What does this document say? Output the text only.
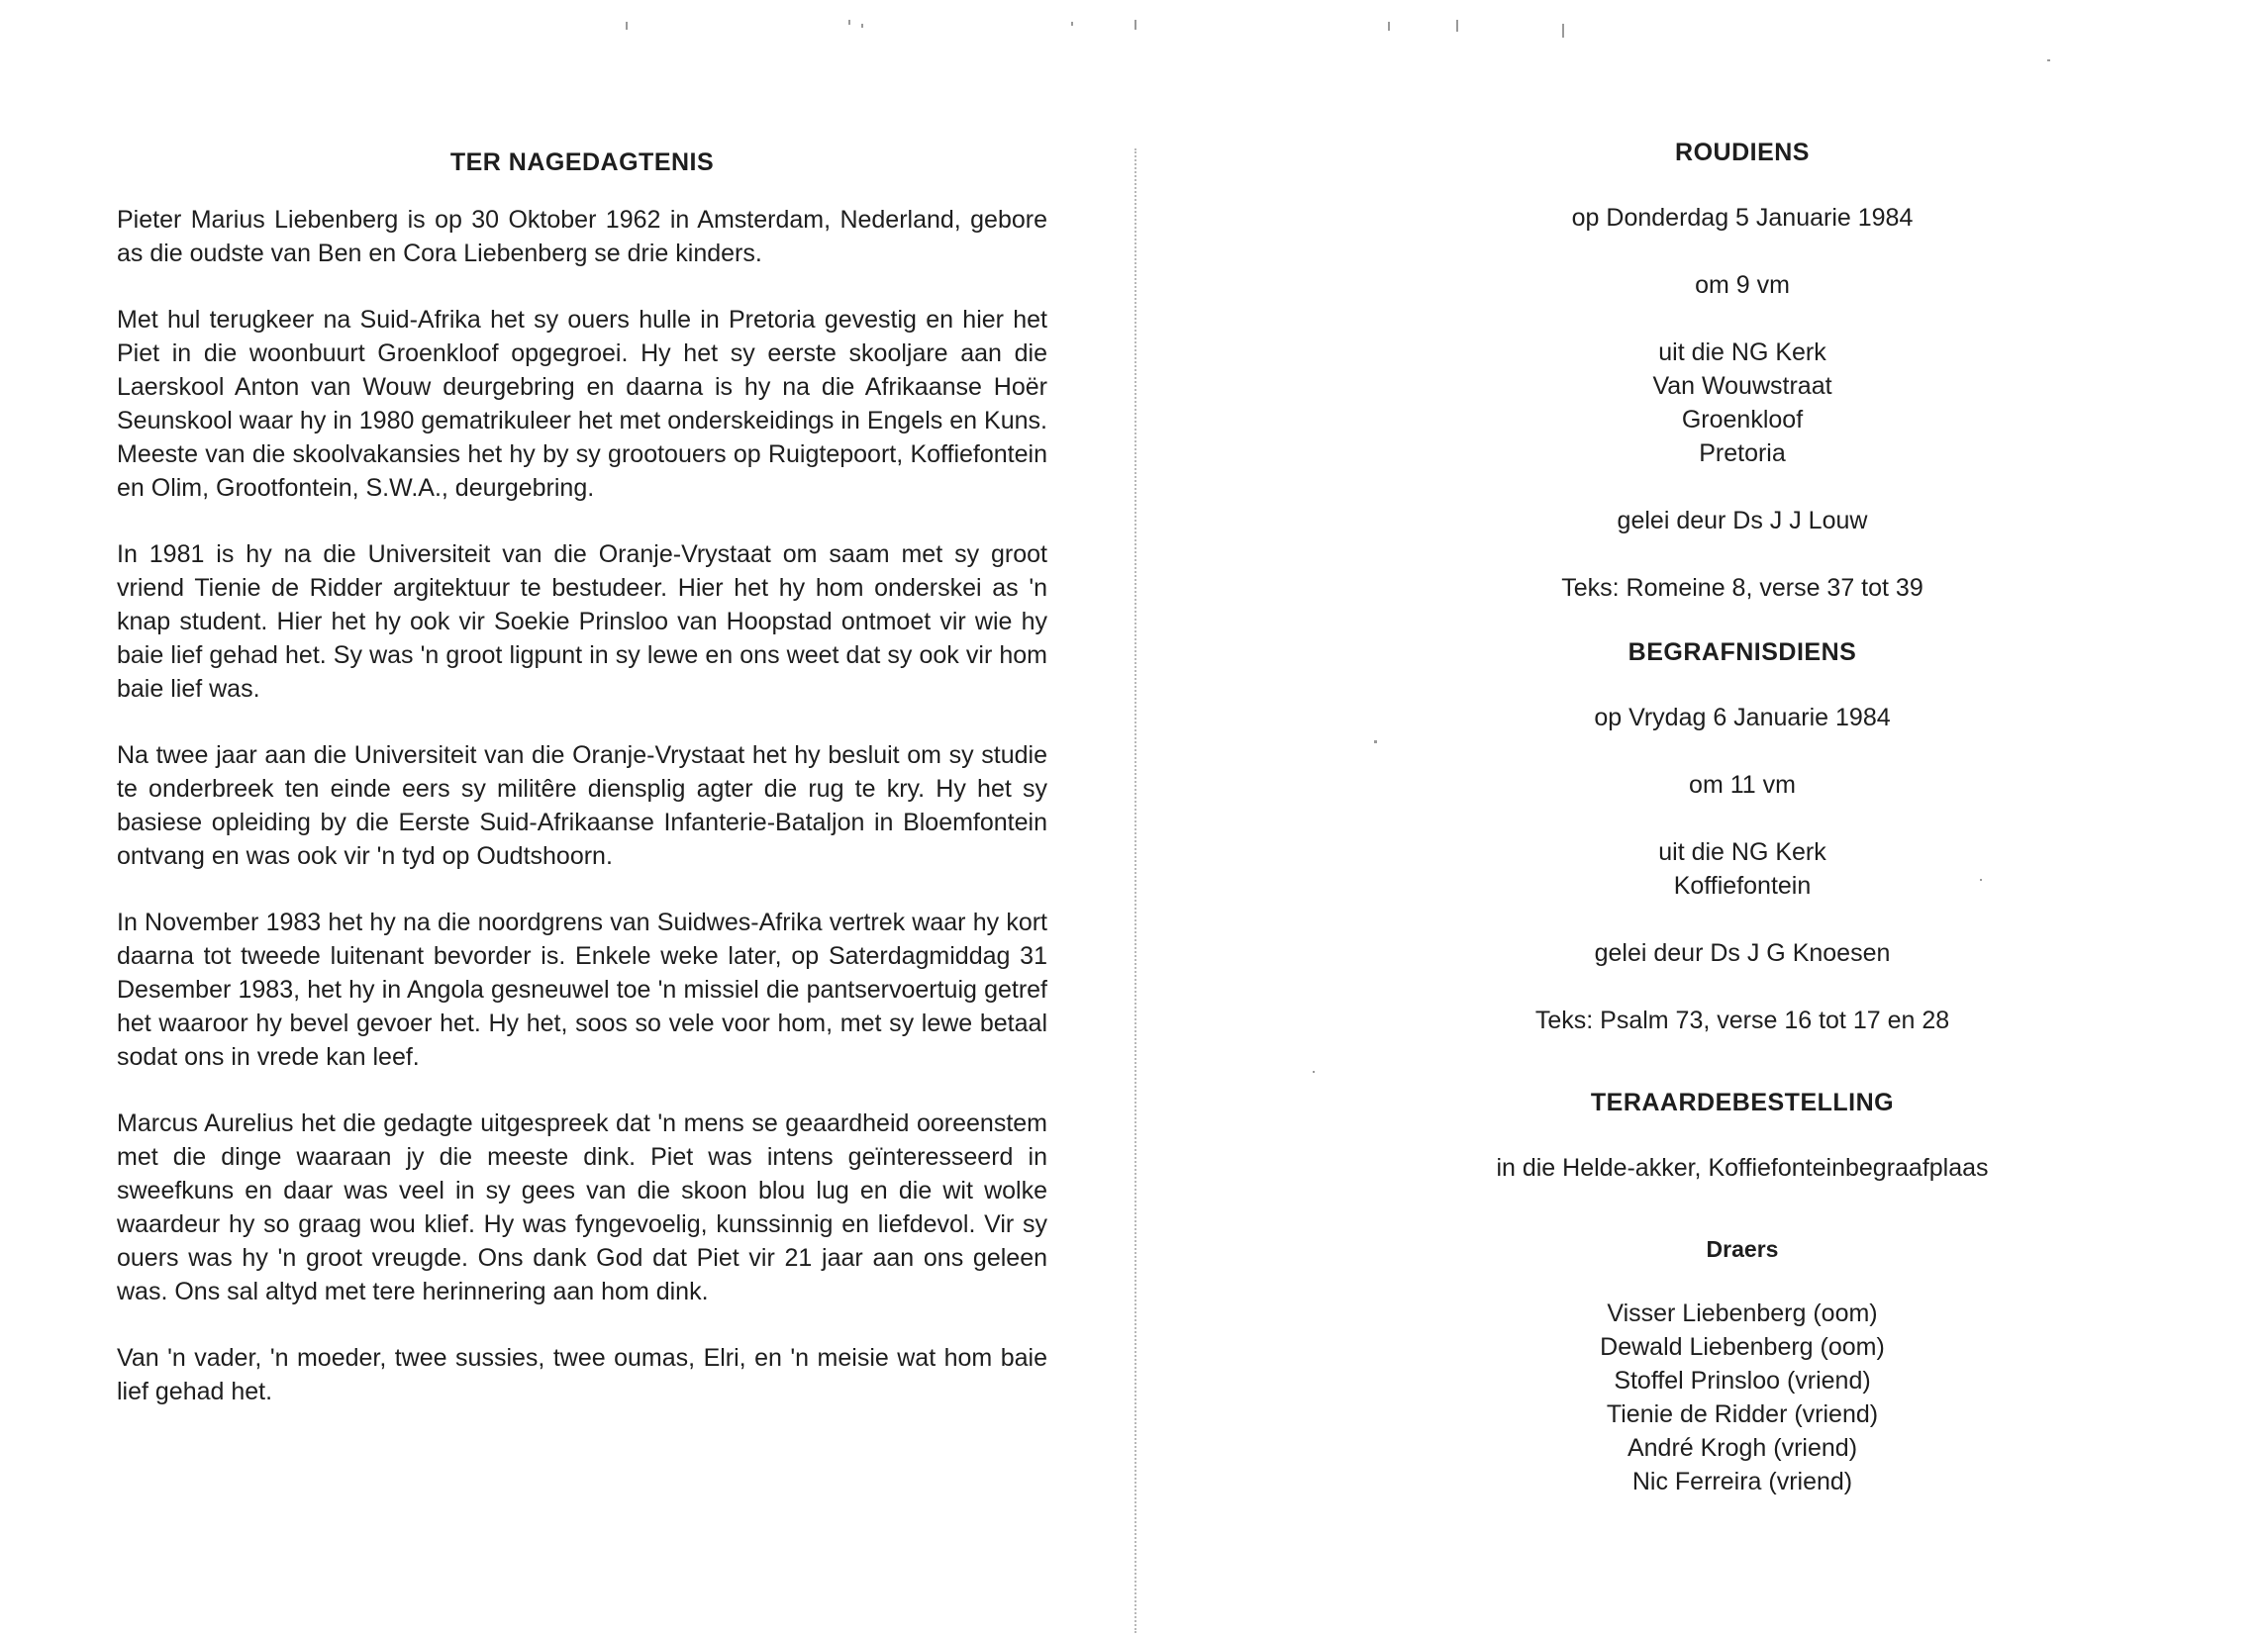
TER NAGEDAGTENIS

Pieter Marius Liebenberg is op 30 Oktober 1962 in Amsterdam, Nederland, gebore as die oudste van Ben en Cora Liebenberg se drie kinders.

Met hul terugkeer na Suid-Afrika het sy ouers hulle in Pretoria gevestig en hier het Piet in die woonbuurt Groenkloof opgegroei. Hy het sy eerste skooljare aan die Laerskool Anton van Wouw deurgebring en daarna is hy na die Afrikaanse Hoër Seunskool waar hy in 1980 gematrikuleer het met onderskeidings in Engels en Kuns. Meeste van die skoolvakansies het hy by sy grootouers op Ruigtepoort, Koffiefontein en Olim, Grootfontein, S.W.A., deurgebring.

In 1981 is hy na die Universiteit van die Oranje-Vrystaat om saam met sy groot vriend Tienie de Ridder argitektuur te bestudeer. Hier het hy hom onderskei as 'n knap student. Hier het hy ook vir Soekie Prinsloo van Hoopstad ontmoet vir wie hy baie lief gehad het. Sy was 'n groot ligpunt in sy lewe en ons weet dat sy ook vir hom baie lief was.

Na twee jaar aan die Universiteit van die Oranje-Vrystaat het hy besluit om sy studie te onderbreek ten einde eers sy militêre diensplig agter die rug te kry. Hy het sy basiese opleiding by die Eerste Suid-Afrikaanse Infanterie-Bataljon in Bloemfontein ontvang en was ook vir 'n tyd op Oudtshoorn.

In November 1983 het hy na die noordgrens van Suidwes-Afrika vertrek waar hy kort daarna tot tweede luitenant bevorder is. Enkele weke later, op Saterdagmiddag 31 Desember 1983, het hy in Angola gesneuwel toe 'n missiel die pantservoertuig getref het waaroor hy bevel gevoer het. Hy het, soos so vele voor hom, met sy lewe betaal sodat ons in vrede kan leef.

Marcus Aurelius het die gedagte uitgespreek dat 'n mens se geaardheid ooreenstem met die dinge waaraan jy die meeste dink. Piet was intens geïnteresseerd in sweefkuns en daar was veel in sy gees van die skoon blou lug en die wit wolke waardeur hy so graag wou klief. Hy was fyngevoelig, kunssinnig en liefdevol. Vir sy ouers was hy 'n groot vreugde. Ons dank God dat Piet vir 21 jaar aan ons geleen was. Ons sal altyd met tere herinnering aan hom dink.

Van 'n vader, 'n moeder, twee sussies, twee oumas, Elri, en 'n meisie wat hom baie lief gehad het.

ROUDIENS
op Donderdag 5 Januarie 1984
om 9 vm
uit die NG Kerk
Van Wouwstraat
Groenkloof
Pretoria
gelei deur Ds J J Louw
Teks: Romeine 8, verse 37 tot 39
BEGRAFNISDIENS
op Vrydag 6 Januarie 1984
om 11 vm
uit die NG Kerk
Koffiefontein
gelei deur Ds J G Knoesen
Teks: Psalm 73, verse 16 tot 17 en 28
TERAARDEBESTELLING
in die Helde-akker, Koffiefonteinbegraafplaas
Draers
Visser Liebenberg (oom)
Dewald Liebenberg (oom)
Stoffel Prinsloo (vriend)
Tienie de Ridder (vriend)
André Krogh (vriend)
Nic Ferreira (vriend)
